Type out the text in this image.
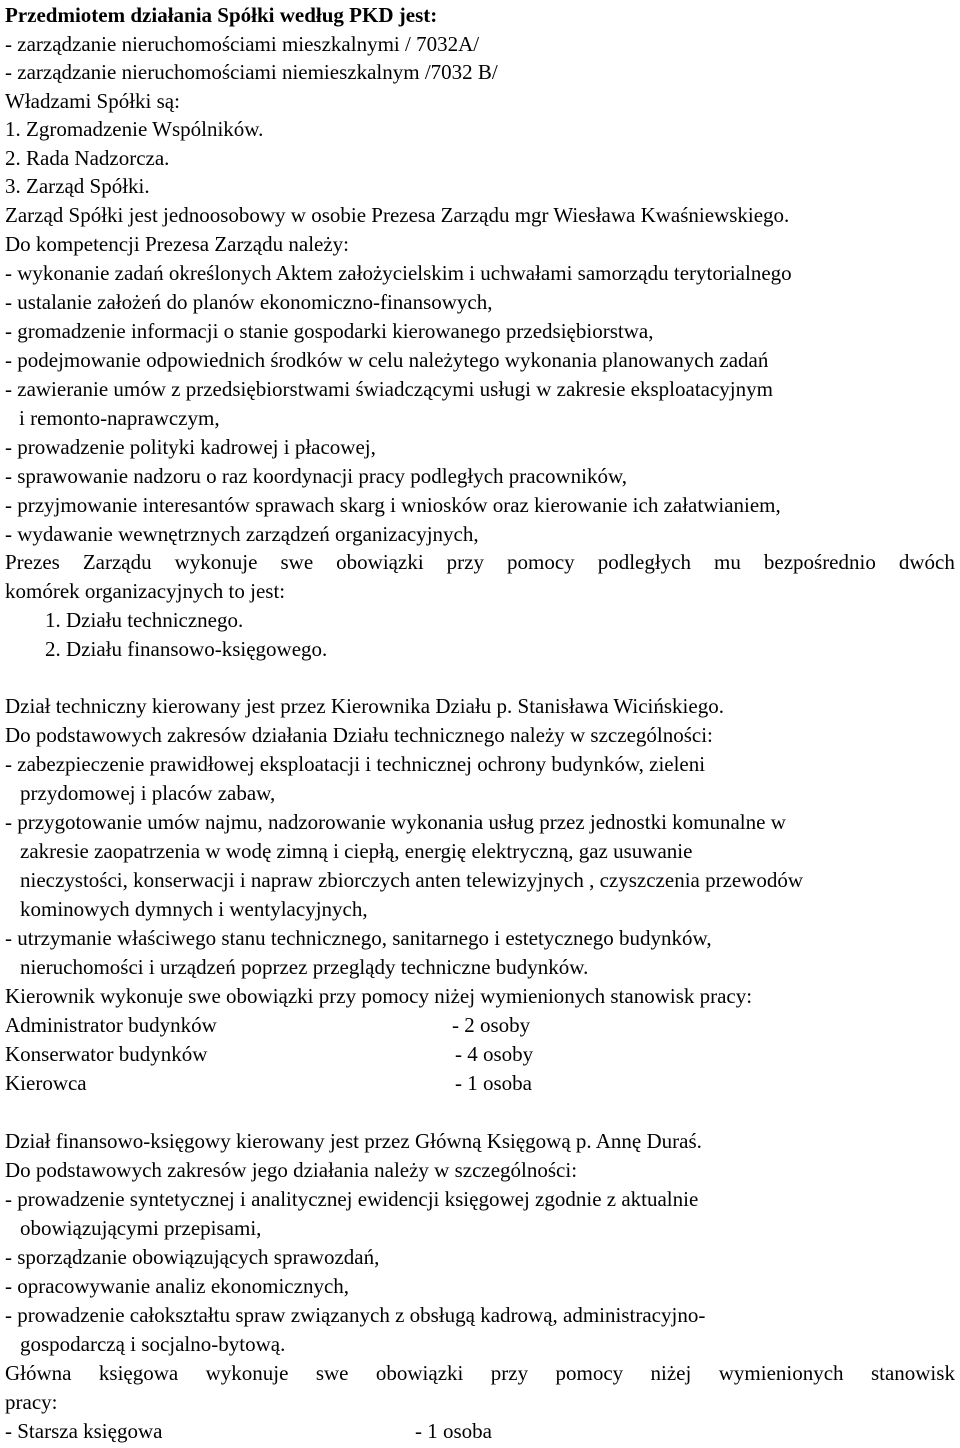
Przedmiotem działania Spółki według PKD jest:
- zarządzanie nieruchomościami mieszkalnymi / 7032A/
- zarządzanie nieruchomościami niemieszkalnym /7032 B/
Władzami Spółki są:
1. Zgromadzenie Wspólników.
2. Rada Nadzorcza.
3. Zarząd Spółki.
Zarząd Spółki jest jednoosobowy w osobie Prezesa Zarządu mgr Wiesława Kwaśniewskiego.
Do kompetencji Prezesa Zarządu należy:
- wykonanie zadań określonych Aktem założycielskim i uchwałami samorządu terytorialnego
- ustalanie założeń do planów ekonomiczno-finansowych,
- gromadzenie informacji o stanie gospodarki kierowanego przedsiębiorstwa,
- podejmowanie odpowiednich środków w celu należytego wykonania planowanych zadań
- zawieranie umów z przedsiębiorstwami świadczącymi usługi w zakresie eksploatacyjnym
i remonto-naprawczym,
- prowadzenie polityki kadrowej i płacowej,
- sprawowanie nadzoru o raz koordynacji pracy podległych pracowników,
- przyjmowanie interesantów sprawach skarg i wniosków oraz kierowanie ich załatwianiem,
- wydawanie wewnętrznych zarządzeń organizacyjnych,
Prezes Zarządu wykonuje swe obowiązki przy pomocy podległych mu bezpośrednio dwóch
komórek organizacyjnych to jest:
1. Działu technicznego.
2. Działu finansowo-księgowego.
Dział techniczny kierowany jest przez Kierownika Działu p. Stanisława Wicińskiego.
Do podstawowych zakresów działania Działu technicznego należy w szczególności:
- zabezpieczenie prawidłowej eksploatacji i technicznej ochrony budynków, zieleni
przydomowej i placów zabaw,
- przygotowanie umów najmu, nadzorowanie wykonania usług przez jednostki komunalne w
zakresie zaopatrzenia w wodę zimną i ciepłą, energię elektryczną, gaz usuwanie
nieczystości, konserwacji i napraw zbiorczych anten telewizyjnych , czyszczenia przewodów
kominowych dymnych i wentylacyjnych,
- utrzymanie właściwego stanu technicznego, sanitarnego i estetycznego budynków,
nieruchomości i urządzeń poprzez przeglądy techniczne budynków.
Kierownik wykonuje swe obowiązki przy pomocy niżej wymienionych stanowisk pracy:
Administrator budynków	- 2 osoby
Konserwator budynków	- 4 osoby
Kierowca	- 1 osoba
Dział finansowo-księgowy kierowany jest przez Główną Księgową p. Annę Duraś.
Do podstawowych zakresów jego działania należy w szczególności:
- prowadzenie syntetycznej i analitycznej ewidencji księgowej zgodnie z aktualnie
obowiązującymi przepisami,
- sporządzanie obowiązujących sprawozdań,
- opracowywanie analiz ekonomicznych,
- prowadzenie całokształtu spraw związanych z obsługą kadrową, administracyjno-
gospodarczą i socjalno-bytową.
Główna księgowa wykonuje swe obowiązki przy pomocy niżej wymienionych stanowisk
pracy:
- Starsza księgowa	- 1 osoba
